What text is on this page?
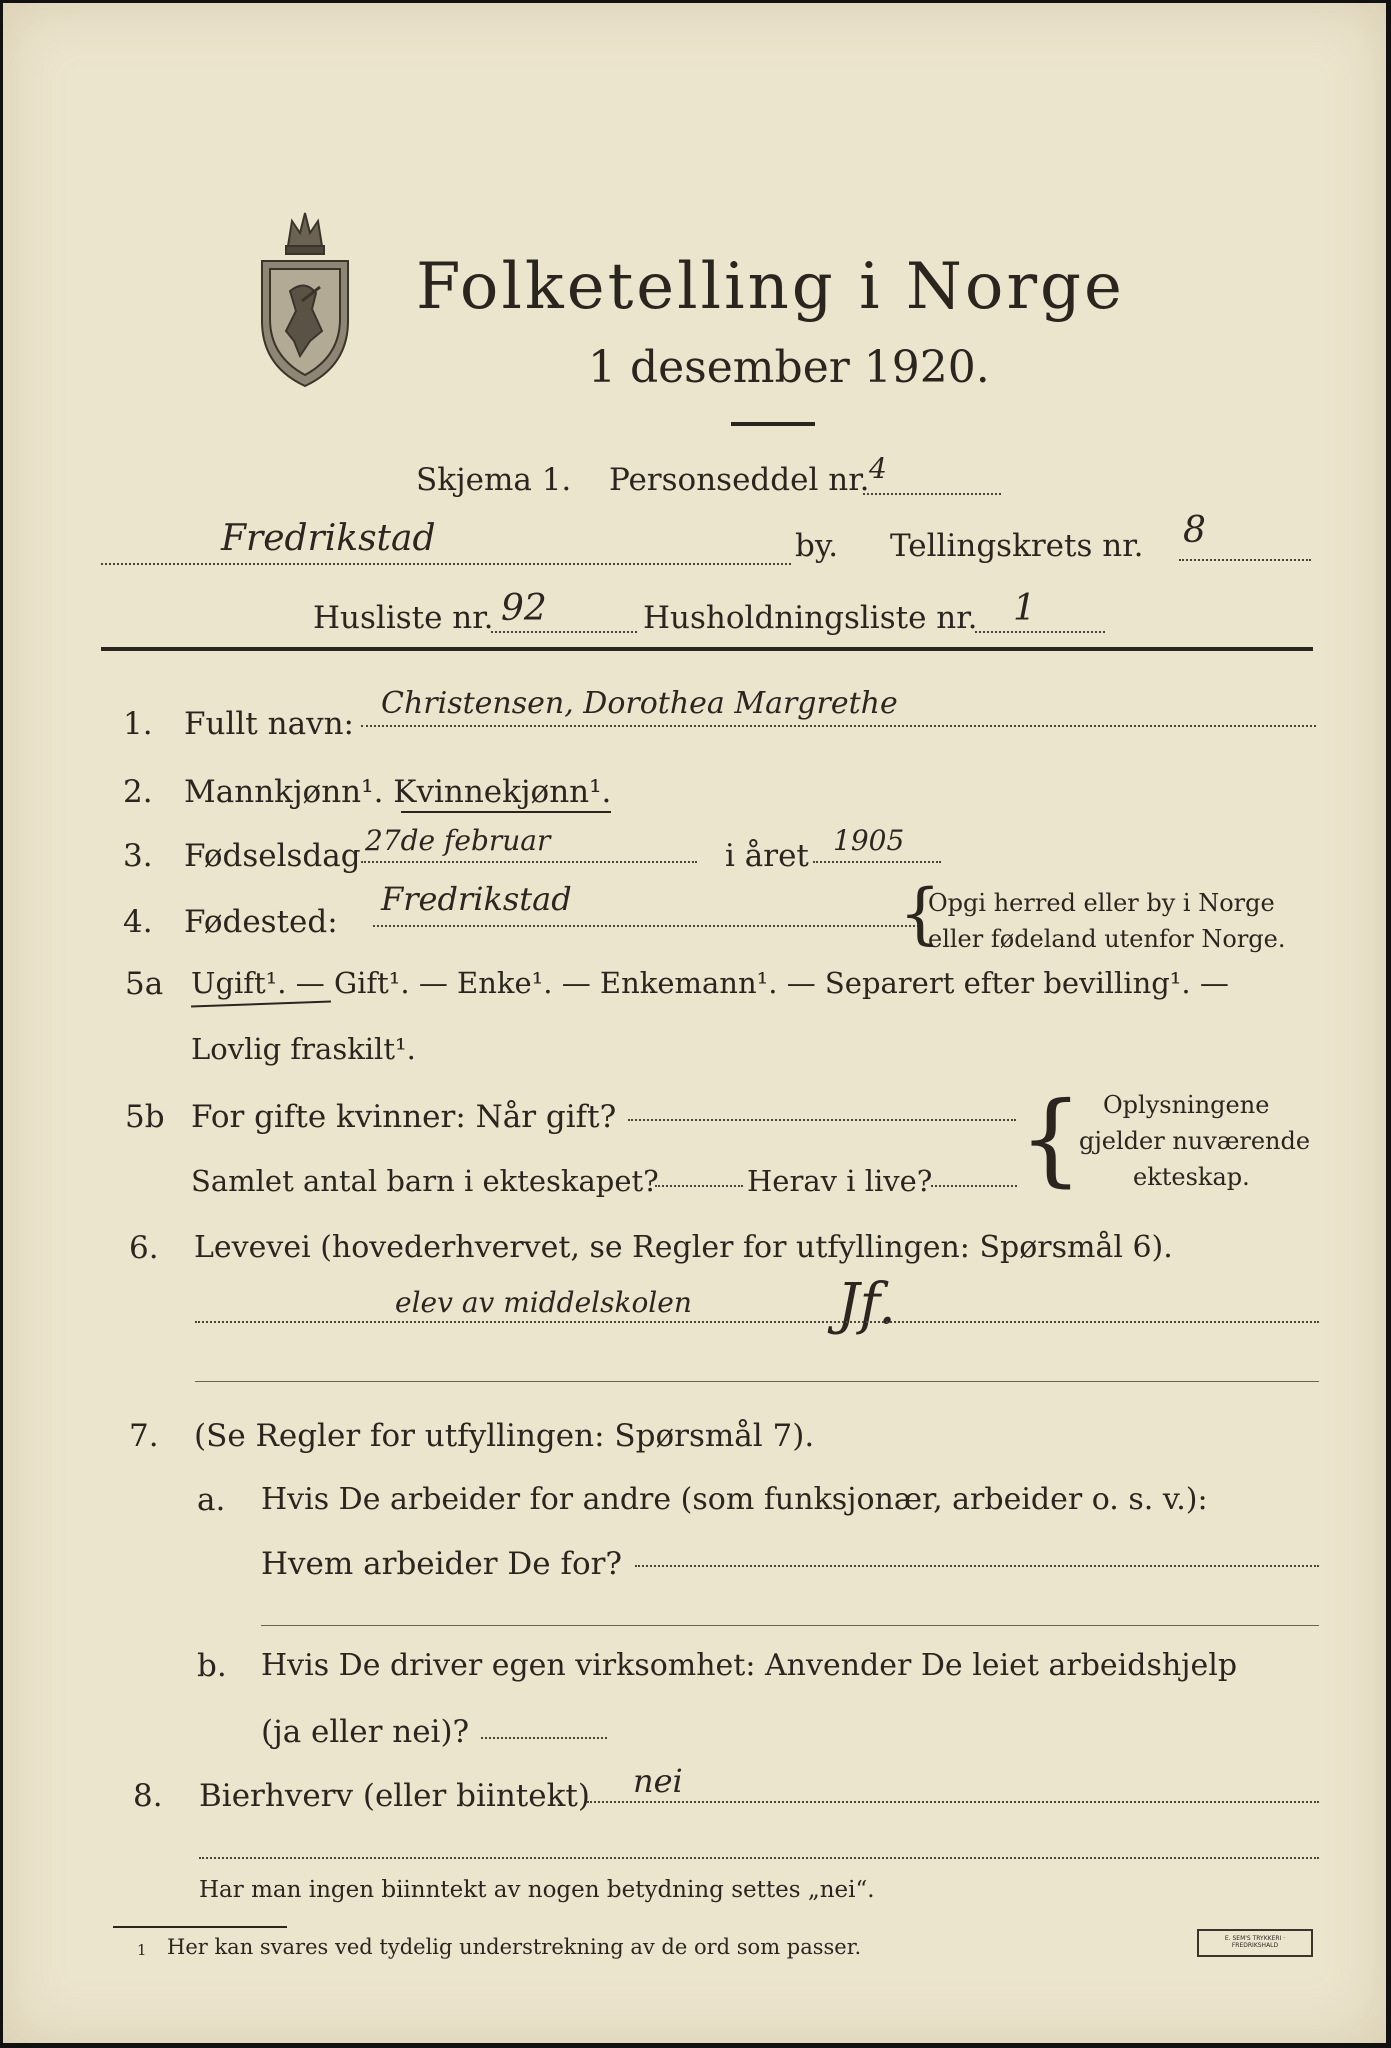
Folketelling i Norge
1 desember 1920.
Skjema 1. Personseddel nr. 4
Fredrikstad	by. Tellingskrets nr. 8
Husliste nr. 92	Husholdningsliste nr. 1
1. Fullt navn:
Christensen, Dorothea Margrethe
2. Mannkjønn¹. Kvinnekjønn¹.
3. Fødselsdag 27de februar	i året 1905
4. Fødested:
Fredrikstad	{
Opgi herred eller by i Norge
eller fødeland utenfor Norge.
5a Ugift¹. — Gift¹. — Enke¹. — Enkemann¹. — Separert efter bevilling¹. —
Lovlig fraskilt¹.
5b For gifte kvinner: Når gift?
Samlet antal barn i ekteskapet?	Herav i live? { Oplysningene
gjelder nuværende
ekteskap.
6. Levevei (hovederhvervet, se Regler for utfyllingen: Spørsmål 6).
elev av middelskolen	Jf.
7. (Se Regler for utfyllingen: Spørsmål 7).
a. Hvis De arbeider for andre (som funksjonær, arbeider o. s. v.):
Hvem arbeider De for?
b. Hvis De driver egen virksomhet: Anvender De leiet arbeidshjelp
(ja eller nei)?
8. Bierhverv (eller biintekt) nei
Har man ingen biinntekt av nogen betydning settes „nei“.
1 Her kan svares ved tydelig understrekning av de ord som passer.	E. SEM'S TRYKKERI · FREDRIKSHALD
